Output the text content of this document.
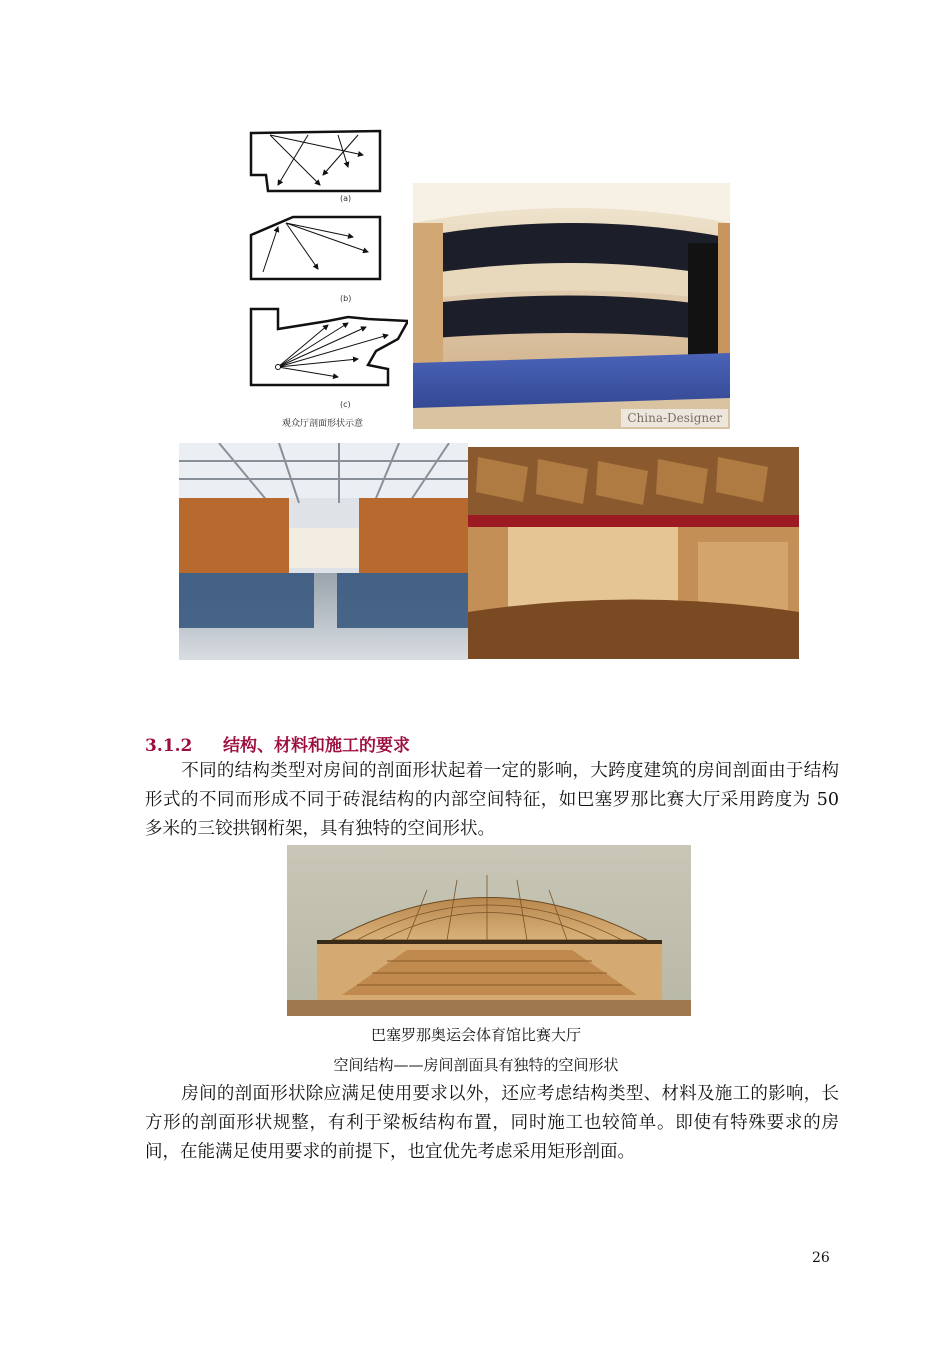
(a)
(b)
(c)
观众厅剖面形状示意	China-Designer
3.1.2 结构、材料和施工的要求
不同的结构类型对房间的剖面形状起着一定的影响，大跨度建筑的房间剖面由于结构形式的不同而形成不同于砖混结构的内部空间特征，如巴塞罗那比赛大厅采用跨度为 50 多米的三铰拱钢桁架，具有独特的空间形状。
巴塞罗那奥运会体育馆比赛大厅
空间结构——房间剖面具有独特的空间形状
房间的剖面形状除应满足使用要求以外，还应考虑结构类型、材料及施工的影响，长方形的剖面形状规整，有利于梁板结构布置，同时施工也较简单。即使有特殊要求的房间，在能满足使用要求的前提下，也宜优先考虑采用矩形剖面。
26
